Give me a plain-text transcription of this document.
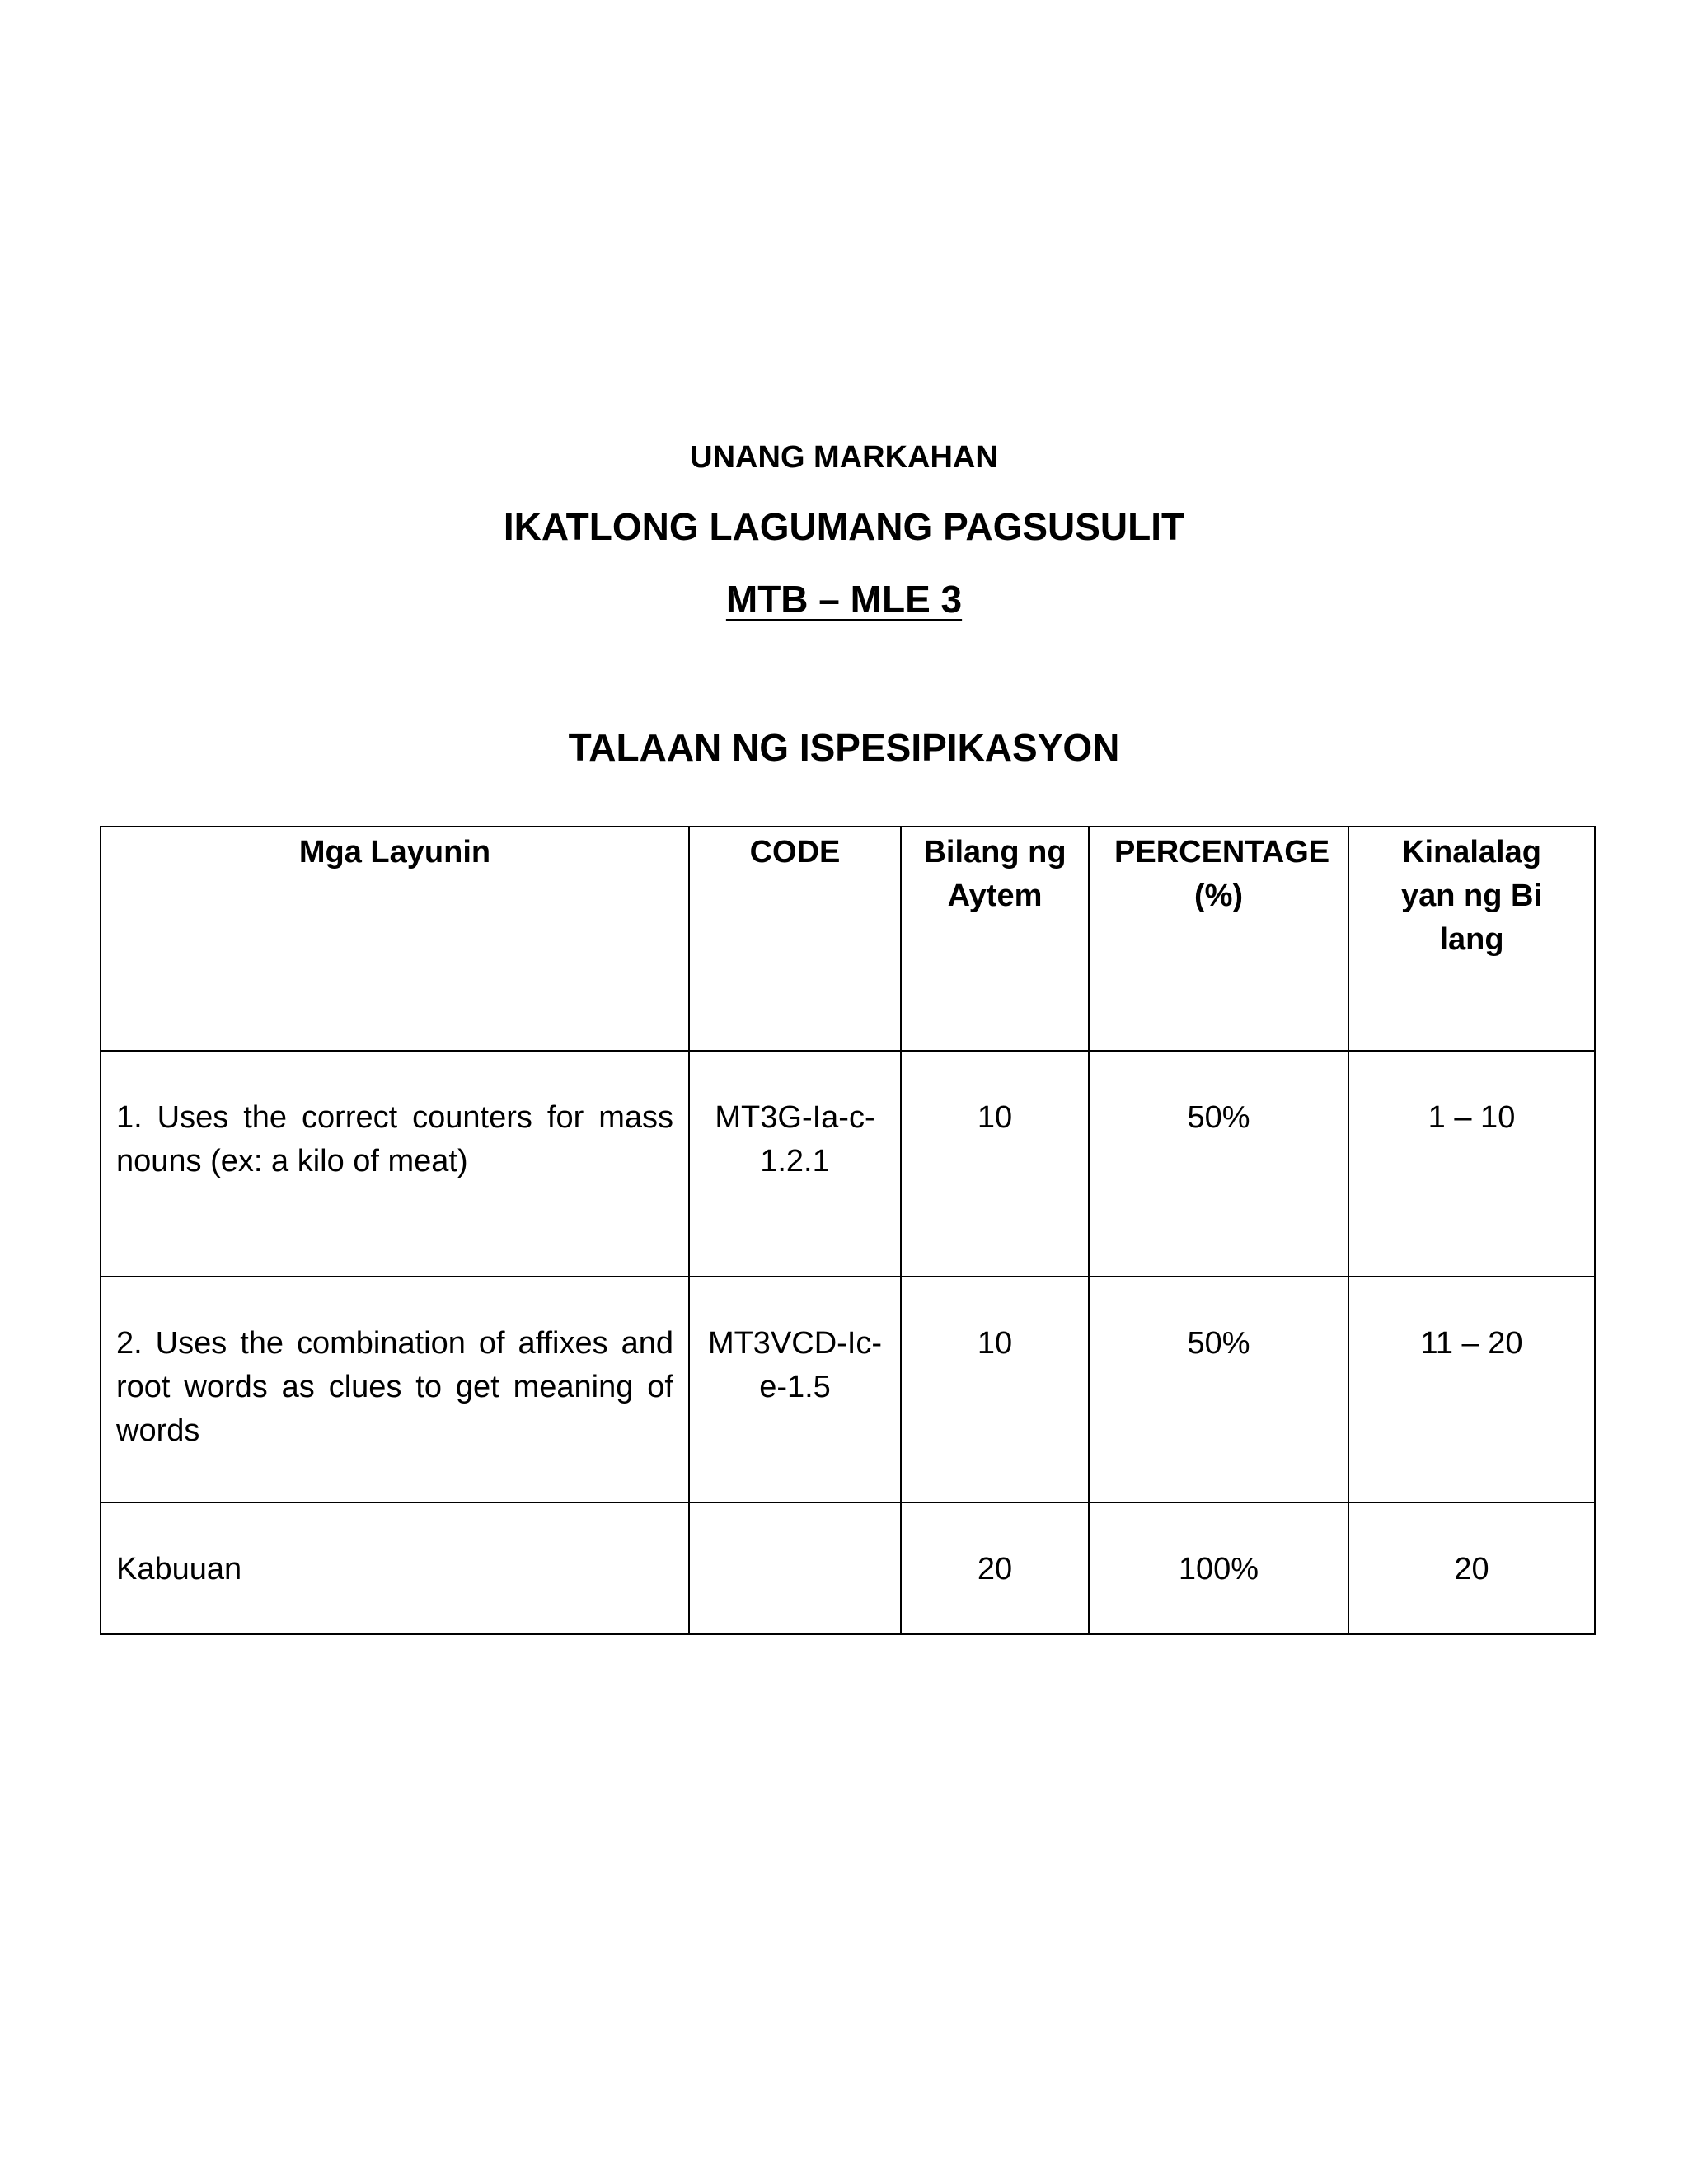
UNANG MARKAHAN
IKATLONG LAGUMANG PAGSUSULIT
MTB – MLE 3
TALAAN NG ISPESIPIKASYON
Mga Layunin	CODE	Bilang ng Aytem	PERCENTAGE (%)	Kinalalagyan ng Bilang
1. Uses the correct counters for mass nouns (ex: a kilo of meat)	MT3G-Ia-c-1.2.1	10	50%	1 – 10
2. Uses the combination of affixes and root words as clues to get meaning of words	MT3VCD-Ic-e-1.5	10	50%	11 – 20
Kabuuan		20	100%	20
